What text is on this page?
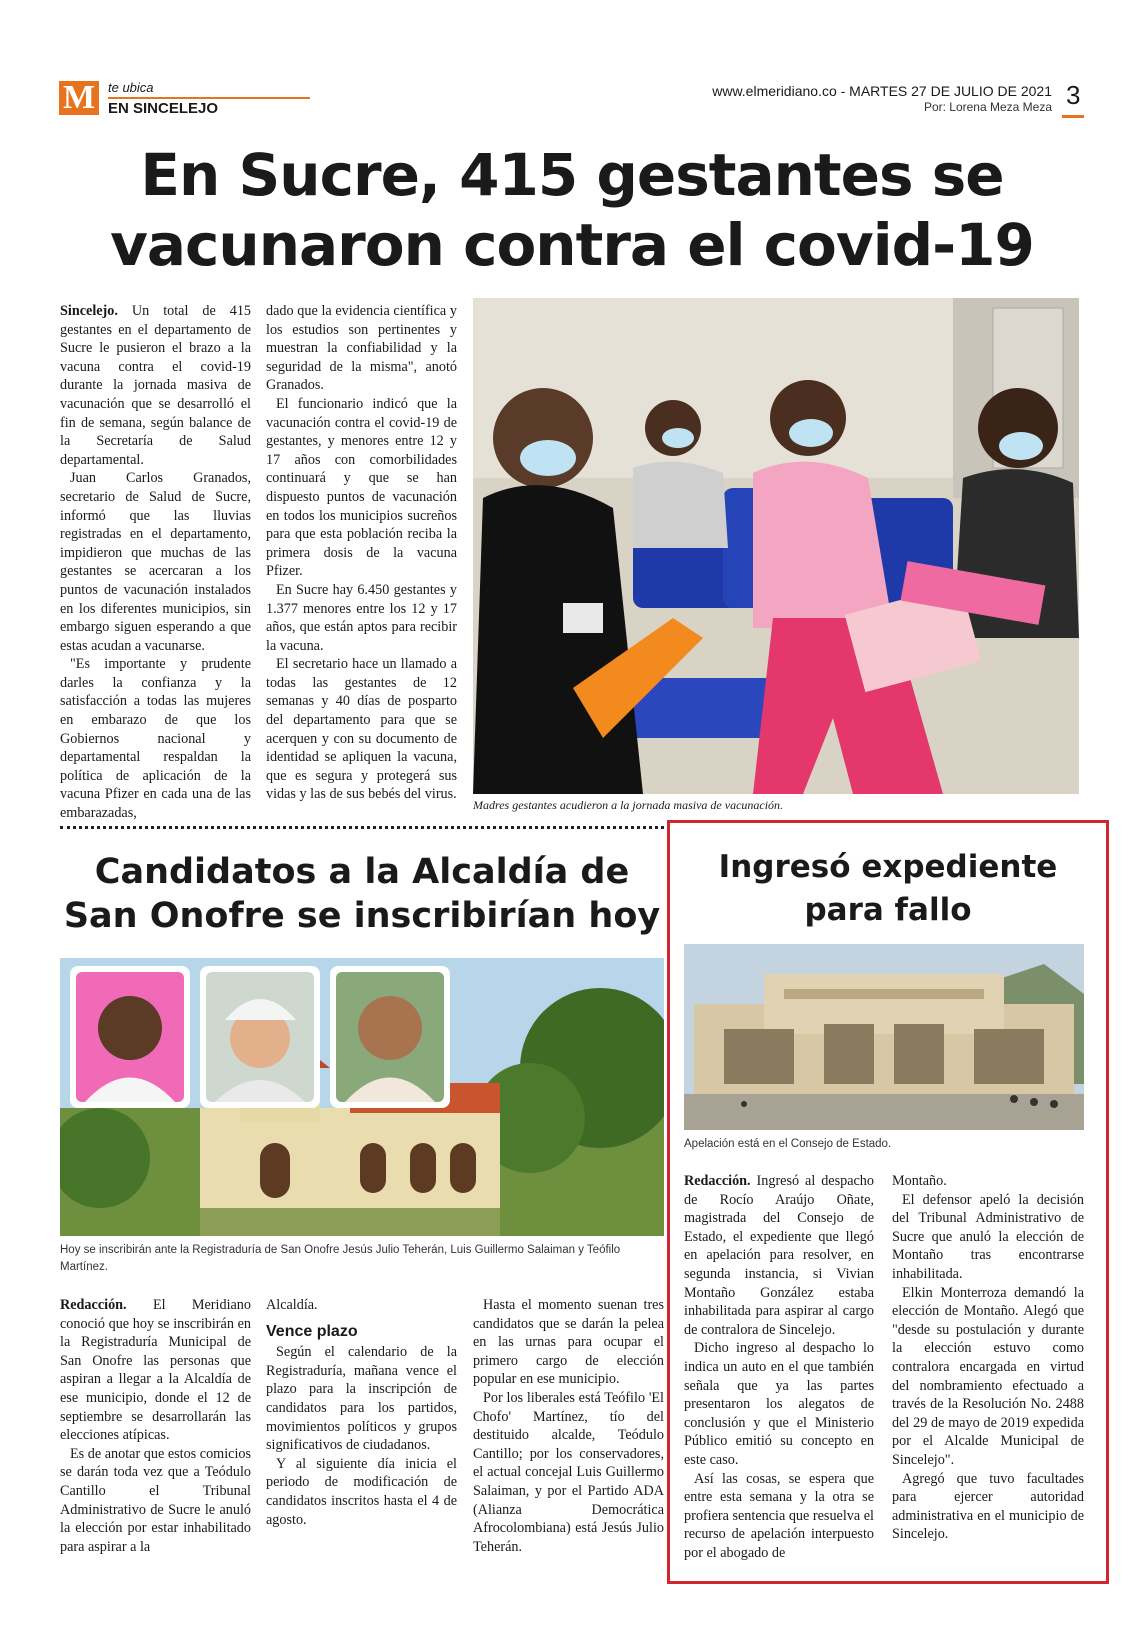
M te ubica
EN SINCELEJO
www.elmeridiano.co - MARTES 27 DE JULIO DE 2021
Por: Lorena Meza Meza 3
En Sucre, 415 gestantes se
vacunaron contra el covid-19

Sincelejo. Un total de 415 gestantes en el departamento de Sucre le pusieron el brazo a la vacuna contra el covid-19 durante la jornada masiva de vacunación que se desarrolló el fin de semana, según balance de la Secretaría de Salud departamental.

Juan Carlos Granados, secretario de Salud de Sucre, informó que las lluvias registradas en el departamento, impidieron que muchas de las gestantes se acercaran a los puntos de vacunación instalados en los diferentes municipios, sin embargo siguen esperando a que estas acudan a vacunarse.

"Es importante y prudente darles la confianza y la satisfacción a todas las mujeres en embarazo de que los Gobiernos nacional y departamental respaldan la política de aplicación de la vacuna Pfizer en cada una de las embarazadas,

dado que la evidencia científica y los estudios son pertinentes y muestran la confiabilidad y la seguridad de la misma", anotó Granados.

El funcionario indicó que la vacunación contra el covid-19 de gestantes, y menores entre 12 y 17 años con comorbilidades continuará y que se han dispuesto puntos de vacunación en todos los municipios sucreños para que esta población reciba la primera dosis de la vacuna Pfizer.

En Sucre hay 6.450 gestantes y 1.377 menores entre los 12 y 17 años, que están aptos para recibir la vacuna.

El secretario hace un llamado a todas las gestantes de 12 semanas y 40 días de posparto del departamento para que se acerquen y con su documento de identidad se apliquen la vacuna, que es segura y protegerá sus vidas y las de sus bebés del virus.

Madres gestantes acudieron a la jornada masiva de vacunación.
Candidatos a la Alcaldía de
San Onofre se inscribirían hoy
Hoy se inscribirán ante la Registraduría de San Onofre Jesús Julio Teherán, Luis Guillermo Salaiman y Teófilo Martínez.

Redacción. El Meridiano conoció que hoy se inscribirán en la Registraduría Municipal de San Onofre las personas que aspiran a llegar a la Alcaldía de ese municipio, donde el 12 de septiembre se desarrollarán las elecciones atípicas.

Es de anotar que estos comicios se darán toda vez que a Teódulo Cantillo el Tribunal Administrativo de Sucre le anuló la elección por estar inhabilitado para aspirar a la

Alcaldía.

Vence plazo

Según el calendario de la Registraduría, mañana vence el plazo para la inscripción de candidatos para los partidos, movimientos políticos y grupos significativos de ciudadanos.

Y al siguiente día inicia el periodo de modificación de candidatos inscritos hasta el 4 de agosto.

Hasta el momento suenan tres candidatos que se darán la pelea en las urnas para ocupar el primero cargo de elección popular en ese municipio.

Por los liberales está Teófilo 'El Chofo' Martínez, tío del destituido alcalde, Teódulo Cantillo; por los conservadores, el actual concejal Luis Guillermo Salaiman, y por el Partido ADA (Alianza Democrática Afrocolombiana) está Jesús Julio Teherán.

Ingresó expediente
para fallo
Apelación está en el Consejo de Estado.

Redacción. Ingresó al despacho de Rocío Araújo Oñate, magistrada del Consejo de Estado, el expediente que llegó en apelación para resolver, en segunda instancia, si Vivian Montaño González estaba inhabilitada para aspirar al cargo de contralora de Sincelejo.

Dicho ingreso al despacho lo indica un auto en el que también señala que ya las partes presentaron los alegatos de conclusión y que el Ministerio Público emitió su concepto en este caso.

Así las cosas, se espera que entre esta semana y la otra se profiera sentencia que resuelva el recurso de apelación interpuesto por el abogado de

Montaño.

El defensor apeló la decisión del Tribunal Administrativo de Sucre que anuló la elección de Montaño tras encontrarse inhabilitada.

Elkin Monterroza demandó la elección de Montaño. Alegó que "desde su postulación y durante la elección estuvo como contralora encargada en virtud del nombramiento efectuado a través de la Resolución No. 2488 del 29 de mayo de 2019 expedida por el Alcalde Municipal de Sincelejo".

Agregó que tuvo facultades para ejercer autoridad administrativa en el municipio de Sincelejo.
